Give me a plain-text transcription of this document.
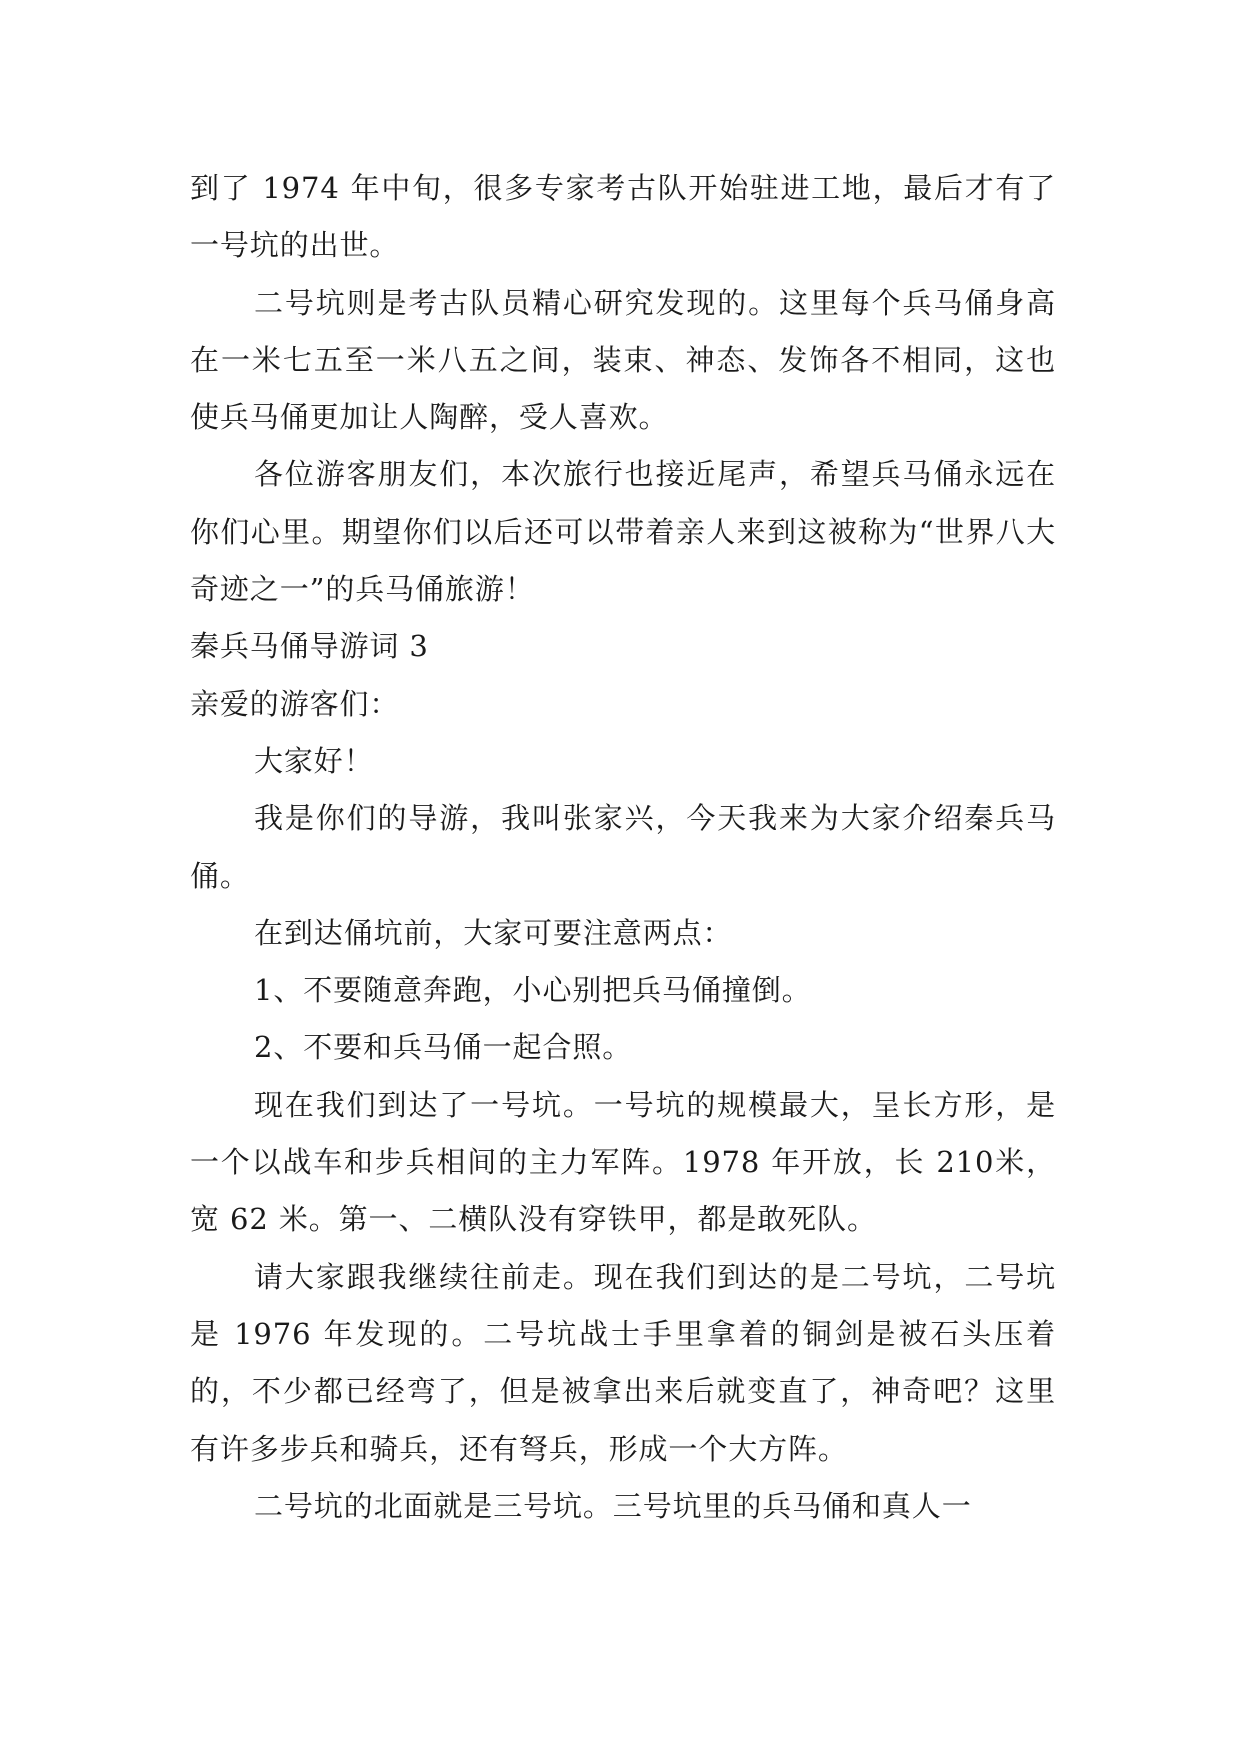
到了 1974 年中旬，很多专家考古队开始驻进工地，最后才有了一号坑的出世。

二号坑则是考古队员精心研究发现的。这里每个兵马俑身高在一米七五至一米八五之间，装束、神态、发饰各不相同，这也使兵马俑更加让人陶醉，受人喜欢。

各位游客朋友们，本次旅行也接近尾声，希望兵马俑永远在你们心里。期望你们以后还可以带着亲人来到这被称为“世界八大奇迹之一”的兵马俑旅游！

秦兵马俑导游词 3

亲爱的游客们：

大家好！

我是你们的导游，我叫张家兴，今天我来为大家介绍秦兵马俑。

在到达俑坑前，大家可要注意两点：

1、不要随意奔跑，小心别把兵马俑撞倒。

2、不要和兵马俑一起合照。

现在我们到达了一号坑。一号坑的规模最大，呈长方形，是一个以战车和步兵相间的主力军阵。1978 年开放，长 210米，宽 62 米。第一、二横队没有穿铁甲，都是敢死队。

请大家跟我继续往前走。现在我们到达的是二号坑，二号坑是 1976 年发现的。二号坑战士手里拿着的铜剑是被石头压着的，不少都已经弯了，但是被拿出来后就变直了，神奇吧？这里有许多步兵和骑兵，还有弩兵，形成一个大方阵。

二号坑的北面就是三号坑。三号坑里的兵马俑和真人一
